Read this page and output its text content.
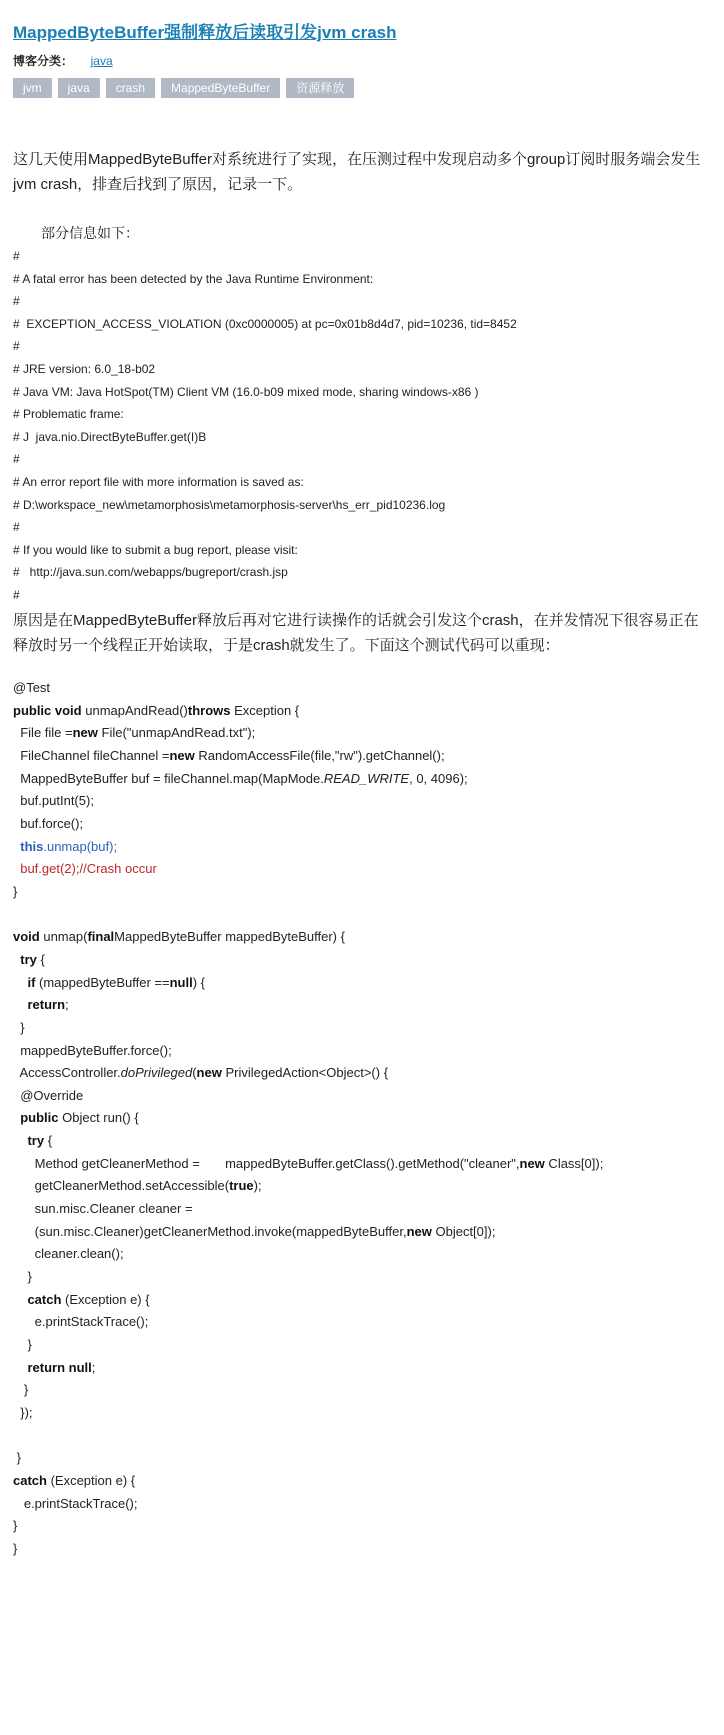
MappedByteBuffer强制释放后读取引发jvm crash
博客分类： java
jvm	java	crash	MappedByteBuffer	资源释放

这几天使用MappedByteBuffer对系统进行了实现，在压测过程中发现启动多个group订阅时服务端会发生jvm crash，排查后找到了原因，记录一下。

部分信息如下：
#
# A fatal error has been detected by the Java Runtime Environment:
#
#  EXCEPTION_ACCESS_VIOLATION (0xc0000005) at pc=0x01b8d4d7, pid=10236, tid=8452
#
# JRE version: 6.0_18-b02
# Java VM: Java HotSpot(TM) Client VM (16.0-b09 mixed mode, sharing windows-x86 )
# Problematic frame:
# J  java.nio.DirectByteBuffer.get(I)B
#
# An error report file with more information is saved as:
# D:\workspace_new\metamorphosis\metamorphosis-server\hs_err_pid10236.log
#
# If you would like to submit a bug report, please visit:
#   http://java.sun.com/webapps/bugreport/crash.jsp
#

原因是在MappedByteBuffer释放后再对它进行读操作的话就会引发这个crash，在并发情况下很容易正在释放时另一个线程正开始读取，于是crash就发生了。下面这个测试代码可以重现：

@Test
public void unmapAndRead()throws Exception {
File file =new File("unmapAndRead.txt");
FileChannel fileChannel =new RandomAccessFile(file,"rw").getChannel();
MappedByteBuffer buf = fileChannel.map(MapMode.READ_WRITE, 0, 4096);
buf.putInt(5);
buf.force();
this.unmap(buf);
buf.get(2);//Crash occur
}

void unmap(finalMappedByteBuffer mappedByteBuffer) {
try {
if (mappedByteBuffer ==null) {
return;
}
mappedByteBuffer.force();
AccessController.doPrivileged(new PrivilegedAction<Object>() {
@Override
public Object run() {
try {
Method getCleanerMethod =       mappedByteBuffer.getClass().getMethod("cleaner",new Class[0]);
getCleanerMethod.setAccessible(true);
sun.misc.Cleaner cleaner =
(sun.misc.Cleaner)getCleanerMethod.invoke(mappedByteBuffer,new Object[0]);
cleaner.clean();
}
catch (Exception e) {
e.printStackTrace();
}
return null;
}
});

}
catch (Exception e) {
e.printStackTrace();
}
}
